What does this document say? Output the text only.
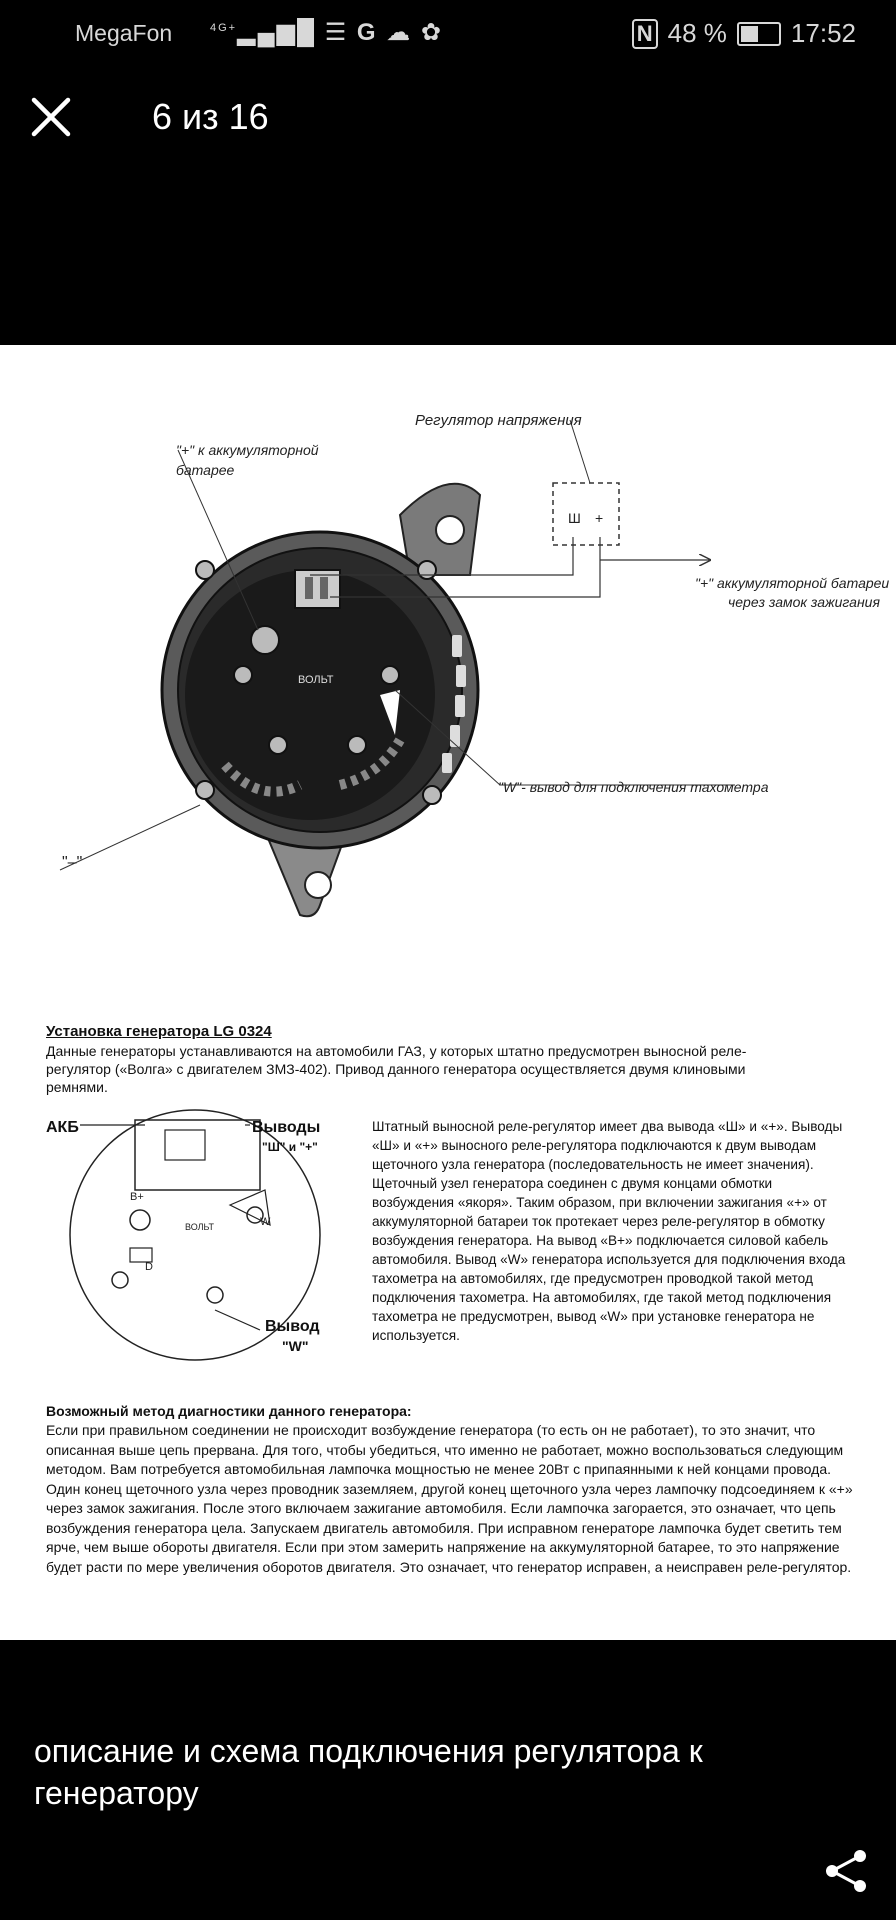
MegaFon	$^{4G+}$▂▄▆█ ☰ G ☁ ✿	N 48 % 17:52
6 из 16
ВОЛЬТ
Ш +
Регулятор напряжения
"+" к аккумуляторной
батарее
"+" аккумуляторной батареи
через замок зажигания
"W"- вывод для подключения тахометра
"–"
B+
D
W
ВОЛЬТ
АКБ	Выводы
"Ш" и "+"
Вывод
"W"
Установка генератора LG 0324
Данные генераторы устанавливаются на автомобили ГАЗ, у которых штатно предусмотрен выносной реле-регулятор («Волга» с двигателем ЗМЗ-402). Привод данного генератора осуществляется двумя клиновыми ремнями.
Штатный выносной реле-регулятор имеет два вывода «Ш» и «+». Выводы «Ш» и «+» выносного реле-регулятора подключаются к двум выводам щеточного узла генератора (последовательность не имеет значения). Щеточный узел генератора соединен с двумя концами обмотки возбуждения «якоря». Таким образом, при включении зажигания «+» от аккумуляторной батареи ток протекает через реле-регулятор в обмотку возбуждения генератора. На вывод «В+» подключается силовой кабель автомобиля. Вывод «W» генератора используется для подключения входа тахометра на автомобилях, где предусмотрен проводкой такой метод подключения тахометра. На автомобилях, где такой метод подключения тахометра не предусмотрен, вывод «W» при установке генератора не используется.
Возможный метод диагностики данного генератора:
Если при правильном соединении не происходит возбуждение генератора (то есть он не работает), то это значит, что описанная выше цепь прервана. Для того, чтобы убедиться, что именно не работает, можно воспользоваться следующим методом. Вам потребуется автомобильная лампочка мощностью не менее 20Вт с припаянными к ней концами провода. Один конец щеточного узла через проводник заземляем, другой конец щеточного узла через лампочку подсоединяем к «+» через замок зажигания. После этого включаем зажигание автомобиля. Если лампочка загорается, это означает, что цепь возбуждения генератора цела. Запускаем двигатель автомобиля. При исправном генераторе лампочка будет светить тем ярче, чем выше обороты двигателя. Если при этом замерить напряжение на аккумуляторной батарее, то это напряжение будет расти по мере увеличения оборотов двигателя. Это означает, что генератор исправен, а неисправен реле-регулятор.
описание и схема подключения регулятора к генератору
